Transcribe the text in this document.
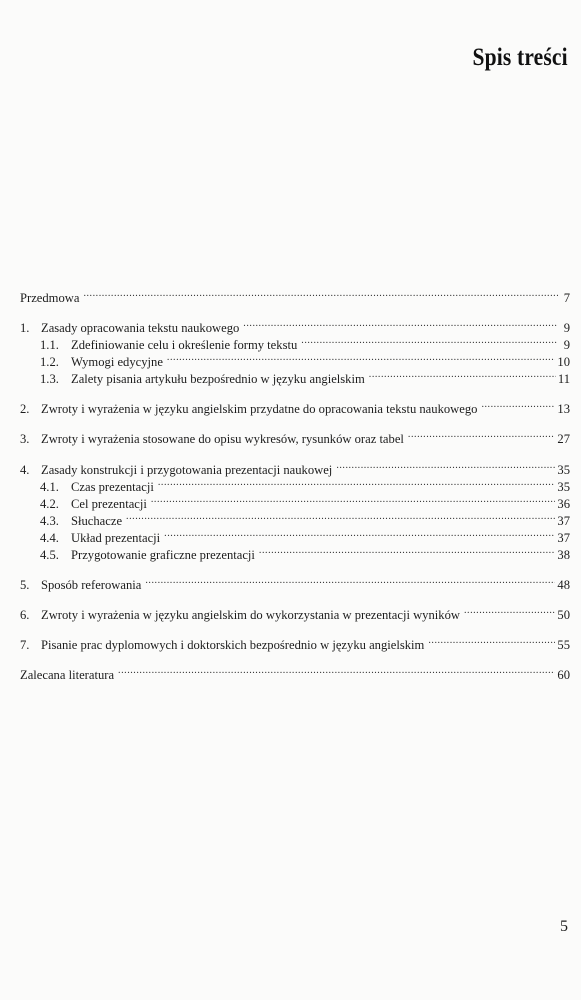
Spis treści
Przedmowa .....	7
1. Zasady opracowania tekstu naukowego .....	9
1.1. Zdefiniowanie celu i określenie formy tekstu .....	9
1.2. Wymogi edycyjne .....	10
1.3. Zalety pisania artykułu bezpośrednio w języku angielskim .....	11
2. Zwroty i wyrażenia w języku angielskim przydatne do opracowania tekstu naukowego .....	13
3. Zwroty i wyrażenia stosowane do opisu wykresów, rysunków oraz tabel .....	27
4. Zasady konstrukcji i przygotowania prezentacji naukowej .....	35
4.1. Czas prezentacji .....	35
4.2. Cel prezentacji .....	36
4.3. Słuchacze .....	37
4.4. Układ prezentacji .....	37
4.5. Przygotowanie graficzne prezentacji .....	38
5. Sposób referowania .....	48
6. Zwroty i wyrażenia w języku angielskim do wykorzystania w prezentacji wyników .....	50
7. Pisanie prac dyplomowych i doktorskich bezpośrednio w języku angielskim .....	55
Zalecana literatura .....	60
5
